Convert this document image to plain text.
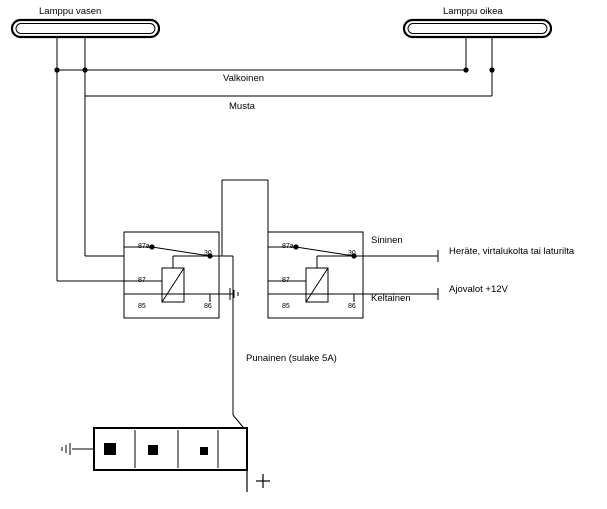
Lamppu vasen	Lamppu oikea
Valkoinen
Musta
Sininen
Keltainen
Punainen (sulake 5A)
Heräte, virtalukolta tai laturilta
Ajovalot +12V
87a
87
85
30
86
87a
87
85
30
86
